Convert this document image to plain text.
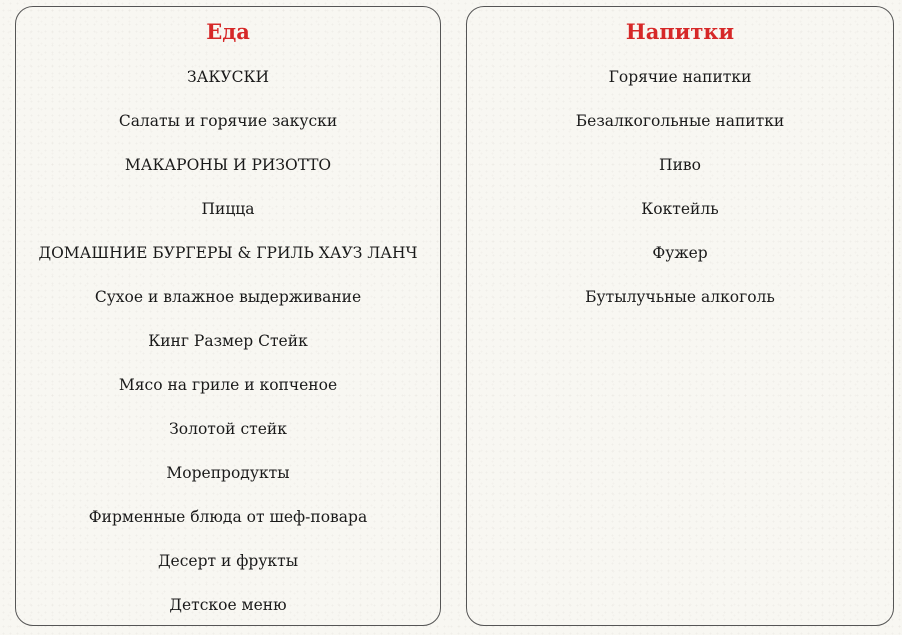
Еда
ЗАКУСКИ
Салаты и горячие закуски
МАКАРОНЫ И РИЗОТТО
Пицца
ДОМАШНИЕ БУРГЕРЫ & ГРИЛЬ ХАУЗ ЛАНЧ
Сухое и влажное выдерживание
Кинг Размер Стейк
Мясо на гриле и копченое
Золотой стейк
Морепродукты
Фирменные блюда от шеф-повара
Десерт и фрукты
Детское меню
Напитки
Горячие напитки
Безалкогольные напитки
Пиво
Коктейль
Фужер
Бутылучьные алкоголь
